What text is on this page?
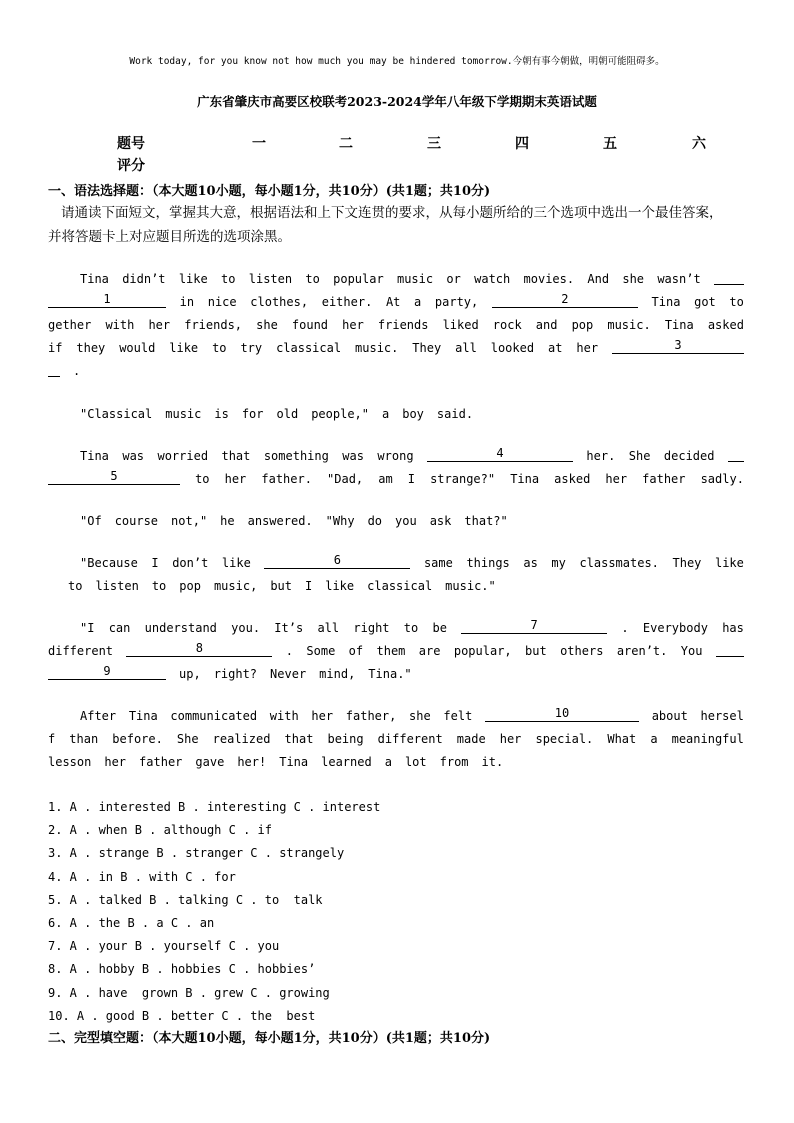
Work today, for you know not how much you may be hindered tomorrow.今朝有事今朝做，明朝可能阻碍多。
广东省肇庆市高要区校联考2023-2024学年八年级下学期期末英语试题
题号	一	二	三	四	五	六
评分
一、语法选择题：（本大题10小题，每小题1分，共10分）(共1题；共10分)
请通读下面短文，掌握其大意，根据语法和上下文连贯的要求，从每小题所给的三个选项中选出一个最佳答案，并将答题卡上对应题目所选的选项涂黑。
Tina didn’t like to listen to popular music or watch movies. And she wasn’t
1	in nice clothes, either. At a party,	2	Tina got to
gether with her friends, she found her friends liked rock and pop music. Tina asked
if they would like to try classical music. They all looked at her	3
.
"Classical music is for old people," a boy said.
Tina was worried that something was wrong	4	her. She decided
5	to her father. "Dad, am I strange?" Tina asked her father sadly.
"Of course not," he answered. "Why do you ask that?"
"Because I don’t like	6	same things as my classmates. They like
to listen to pop music, but I like classical music."
"I can understand you. It’s all right to be	7	. Everybody has
different	8	. Some of them are popular, but others aren’t. You
9	up, right? Never mind, Tina."
After Tina communicated with her father, she felt	10	about hersel
f than before. She realized that being different made her special. What a meaningful
lesson her father gave her! Tina learned a lot from it.
1. A . interested B . interesting C . interest
2. A . when B . although C . if
3. A . strange B . stranger C . strangely
4. A . in B . with C . for
5. A . talked B . talking C . to  talk
6. A . the B . a C . an
7. A . your B . yourself C . you
8. A . hobby B . hobbies C . hobbies’
9. A . have  grown B . grew C . growing
10. A . good B . better C . the  best
二、完型填空题：（本大题10小题，每小题1分，共10分）(共1题；共10分)
